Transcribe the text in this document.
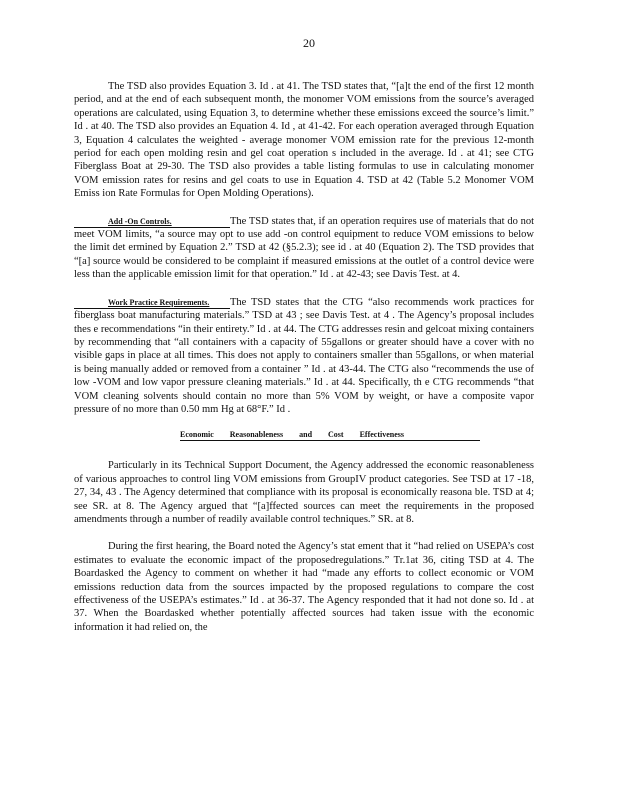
20

The TSD also provides Equation 3. Id . at 41. The TSD states that, “[a]t the end of the first 12 month period, and at the end of each subsequent month, the monomer VOM emissions from the source’s averaged operations are calculated, using Equation 3, to determine whether these emissions exceed the source’s limit.” Id . at 40. The TSD also provides an Equation 4. Id , at 41-42. For each operation averaged through Equation 3, Equation 4 calculates the weighted - average monomer VOM emission rate for the previous 12-month period for each open molding resin and gel coat operation s included in the average. Id . at 41; see CTG Fiberglass Boat at 29-30. The TSD also provides a table listing formulas to use in calculating monomer VOM emission rates for resins and gel coats to use in Equation 4. TSD at 42 (Table 5.2 Monomer VOM Emiss ion Rate Formulas for Open Molding Operations).

Add -On Controls.	The TSD states that, if an operation requires use of materials that do not meet VOM limits, “a source may opt to use add -on control equipment to reduce VOM emissions to below the limit det ermined by Equation 2.” TSD at 42 (§5.2.3); see id . at 40 (Equation 2). The TSD provides that “[a] source would be considered to be complaint if measured emissions at the outlet of a control device were less than the applicable emission limit for that operation.” Id . at 42-43; see Davis Test. at 4.

Work Practice Requirements. The TSD states that the CTG “also recommends work practices for fiberglass boat manufacturing materials.” TSD at 43 ; see Davis Test. at 4 . The Agency’s proposal includes thes e recommendations “in their entirety.” Id . at 44. The CTG addresses resin and gelcoat mixing containers by recommending that “all containers with a capacity of 55gallons or greater should have a cover with no visible gaps in place at all times. This does not apply to containers smaller than 55gallons, or when material is being manually added or removed from a container ” Id . at 43-44. The CTG also “recommends the use of low -VOM and low vapor pressure cleaning materials.” Id . at 44. Specifically, th e CTG recommends “that VOM cleaning solvents should contain no more than 5% VOM by weight, or have a composite vapor pressure of no more than 0.50 mm Hg at 68°F.” Id .

Economic Reasonableness and Cost Effectiveness

Particularly in its Technical Support Document, the Agency addressed the economic reasonableness of various approaches to control ling VOM emissions from GroupIV product categories. See TSD at 17 -18, 27, 34, 43 . The Agency determined that compliance with its proposal is economically reasona ble. TSD at 4; see SR. at 8. The Agency argued that “[a]ffected sources can meet the requirements in the proposed amendments through a number of readily available control techniques.” SR. at 8.

During the first hearing, the Board noted the Agency’s stat ement that it “had relied on USEPA’s cost estimates to evaluate the economic impact of the proposedregulations.” Tr.1at 36, citing TSD at 4. The Boardasked the Agency to comment on whether it had “made any efforts to collect economic or VOM emissions reduction data from the sources impacted by the proposed regulations to compare the cost effectiveness of the USEPA’s estimates.” Id . at 36-37. The Agency responded that it had not done so. Id . at 37. When the Boardasked whether potentially affected sources had taken issue with the economic information it had relied on, the
